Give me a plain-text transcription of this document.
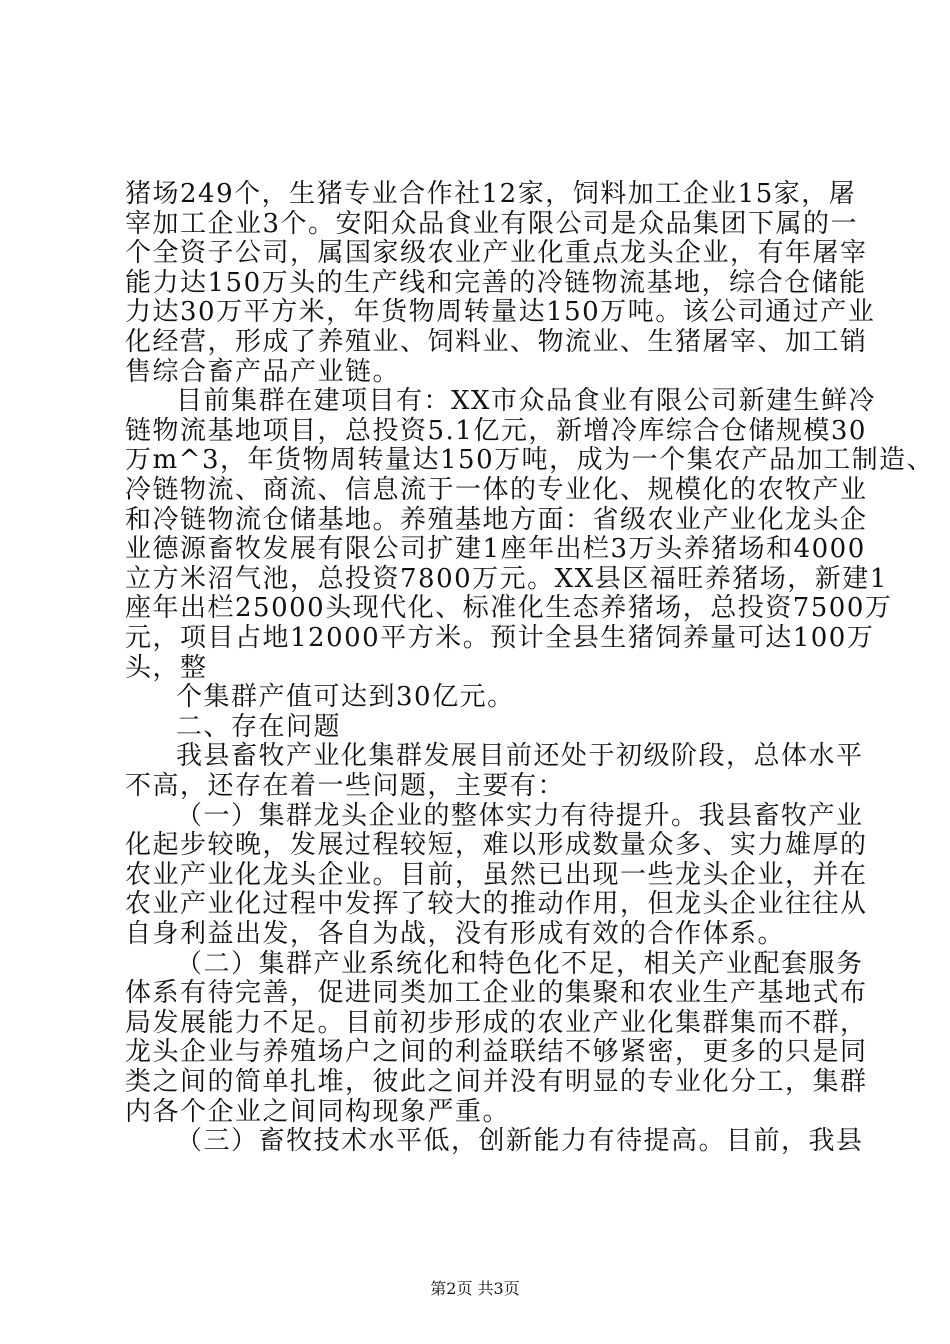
猪场249个，生猪专业合作社12家，饲料加工企业15家，屠
宰加工企业3个。安阳众品食业有限公司是众品集团下属的一
个全资子公司，属国家级农业产业化重点龙头企业，有年屠宰
能力达150万头的生产线和完善的冷链物流基地，综合仓储能
力达30万平方米，年货物周转量达150万吨。该公司通过产业
化经营，形成了养殖业、饲料业、物流业、生猪屠宰、加工销
售综合畜产品产业链。
目前集群在建项目有：XX市众品食业有限公司新建生鲜冷
链物流基地项目，总投资5.1亿元，新增冷库综合仓储规模30
万m^3，年货物周转量达150万吨，成为一个集农产品加工制造、
冷链物流、商流、信息流于一体的专业化、规模化的农牧产业
和冷链物流仓储基地。养殖基地方面：省级农业产业化龙头企
业德源畜牧发展有限公司扩建1座年出栏3万头养猪场和4000
立方米沼气池，总投资7800万元。XX县区福旺养猪场，新建1
座年出栏25000头现代化、标准化生态养猪场，总投资7500万
元，项目占地12000平方米。预计全县生猪饲养量可达100万
头，整
个集群产值可达到30亿元。
二、存在问题
我县畜牧产业化集群发展目前还处于初级阶段，总体水平
不高，还存在着一些问题，主要有：
（一）集群龙头企业的整体实力有待提升。我县畜牧产业
化起步较晚，发展过程较短，难以形成数量众多、实力雄厚的
农业产业化龙头企业。目前，虽然已出现一些龙头企业，并在
农业产业化过程中发挥了较大的推动作用，但龙头企业往往从
自身利益出发，各自为战，没有形成有效的合作体系。
（二）集群产业系统化和特色化不足，相关产业配套服务
体系有待完善，促进同类加工企业的集聚和农业生产基地式布
局发展能力不足。目前初步形成的农业产业化集群集而不群，
龙头企业与养殖场户之间的利益联结不够紧密，更多的只是同
类之间的简单扎堆，彼此之间并没有明显的专业化分工，集群
内各个企业之间同构现象严重。
（三）畜牧技术水平低，创新能力有待提高。目前，我县
第2页 共3页
